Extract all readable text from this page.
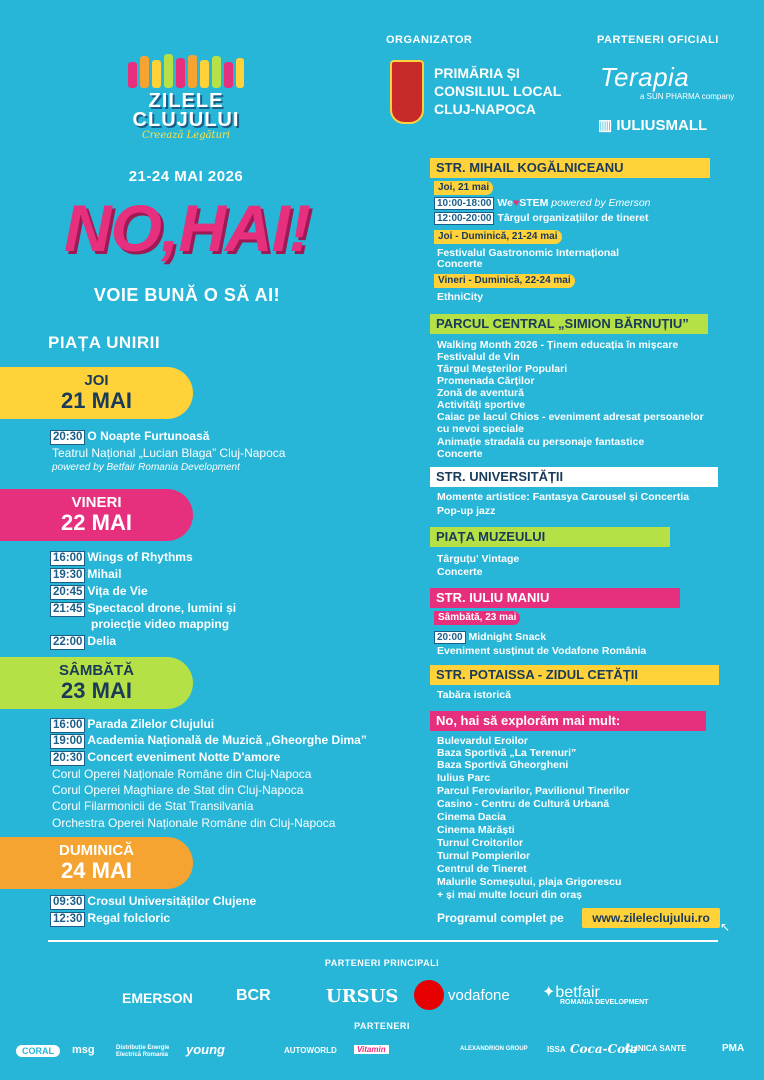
ZILELE
CLUJULUI
Creează Legături
21-24 MAI 2026
NO,HAI!
VOIE BUNĂ O SĂ AI!
ORGANIZATOR
PRIMĂRIA ȘI
CONSILIUL LOCAL
CLUJ-NAPOCA
PARTENERI OFICIALI
Terapia
a SUN PHARMA company
▥ IULIUSMALL
PIAȚA UNIRII
JOI
21 MAI
20:30 O Noapte Furtunoasă
Teatrul Național „Lucian Blaga” Cluj-Napoca
powered by Betfair Romania Development
VINERI
22 MAI
16:00 Wings of Rhythms
19:30 Mihail
20:45 Vița de Vie
21:45 Spectacol drone, lumini și
proiecție video mapping
22:00 Delia
SÂMBĂTĂ
23 MAI
16:00 Parada Zilelor Clujului
19:00 Academia Națională de Muzică „Gheorghe Dima”
20:30 Concert eveniment Notte D'amore
Corul Operei Naționale Române din Cluj-Napoca
Corul Operei Maghiare de Stat din Cluj-Napoca
Corul Filarmonicii de Stat Transilvania
Orchestra Operei Naționale Române din Cluj-Napoca
DUMINICĂ
24 MAI
09:30 Crosul Universităților Clujene
12:30 Regal folcloric
STR. MIHAIL KOGĂLNICEANU
Joi, 21 mai
10:00-18:00 We♥STEM powered by Emerson
12:00-20:00 Târgul organizațiilor de tineret
Joi - Duminică, 21-24 mai
Festivalul Gastronomic Internațional
Concerte
Vineri - Duminică, 22-24 mai
EthniCity
PARCUL CENTRAL „SIMION BĂRNUȚIU”
Walking Month 2026 - Ținem educația în mișcare
Festivalul de Vin
Târgul Meșterilor Populari
Promenada Cărților
Zonă de aventură
Activități sportive
Caiac pe lacul Chios - eveniment adresat persoanelor
cu nevoi speciale
Animație stradală cu personaje fantastice
Concerte
STR. UNIVERSITĂȚII
Momente artistice: Fantasya Carousel și Concertia
Pop-up jazz
PIAȚA MUZEULUI
Târguțu' Vintage
Concerte
STR. IULIU MANIU
Sâmbătă, 23 mai
20:00 Midnight Snack
Eveniment susținut de Vodafone România
STR. POTAISSA - ZIDUL CETĂȚII
Tabăra istorică
No, hai să explorăm mai mult:
Bulevardul Eroilor
Baza Sportivă „La Terenuri”
Baza Sportivă Gheorgheni
Iulius Parc
Parcul Feroviarilor, Pavilionul Tinerilor
Casino - Centru de Cultură Urbană
Cinema Dacia
Cinema Mărăști
Turnul Croitorilor
Turnul Pompierilor
Centrul de Tineret
Malurile Someșului, plaja Grigorescu
+ și mai multe locuri din oraș
Programul complet pe	www.zileleclujului.ro
↖
PARTENERI PRINCIPALI
EMERSON	BCR	URSUS	vodafone ✦betfair
ROMANIA DEVELOPMENT
PARTENERI
CORAL	msg	Distribuție Energie Electrică Romania	young	AUTOWORLD	Vitamin	ALEXANDRION GROUP ISSA Coca-Cola
CLINICA SANTE	PMA
